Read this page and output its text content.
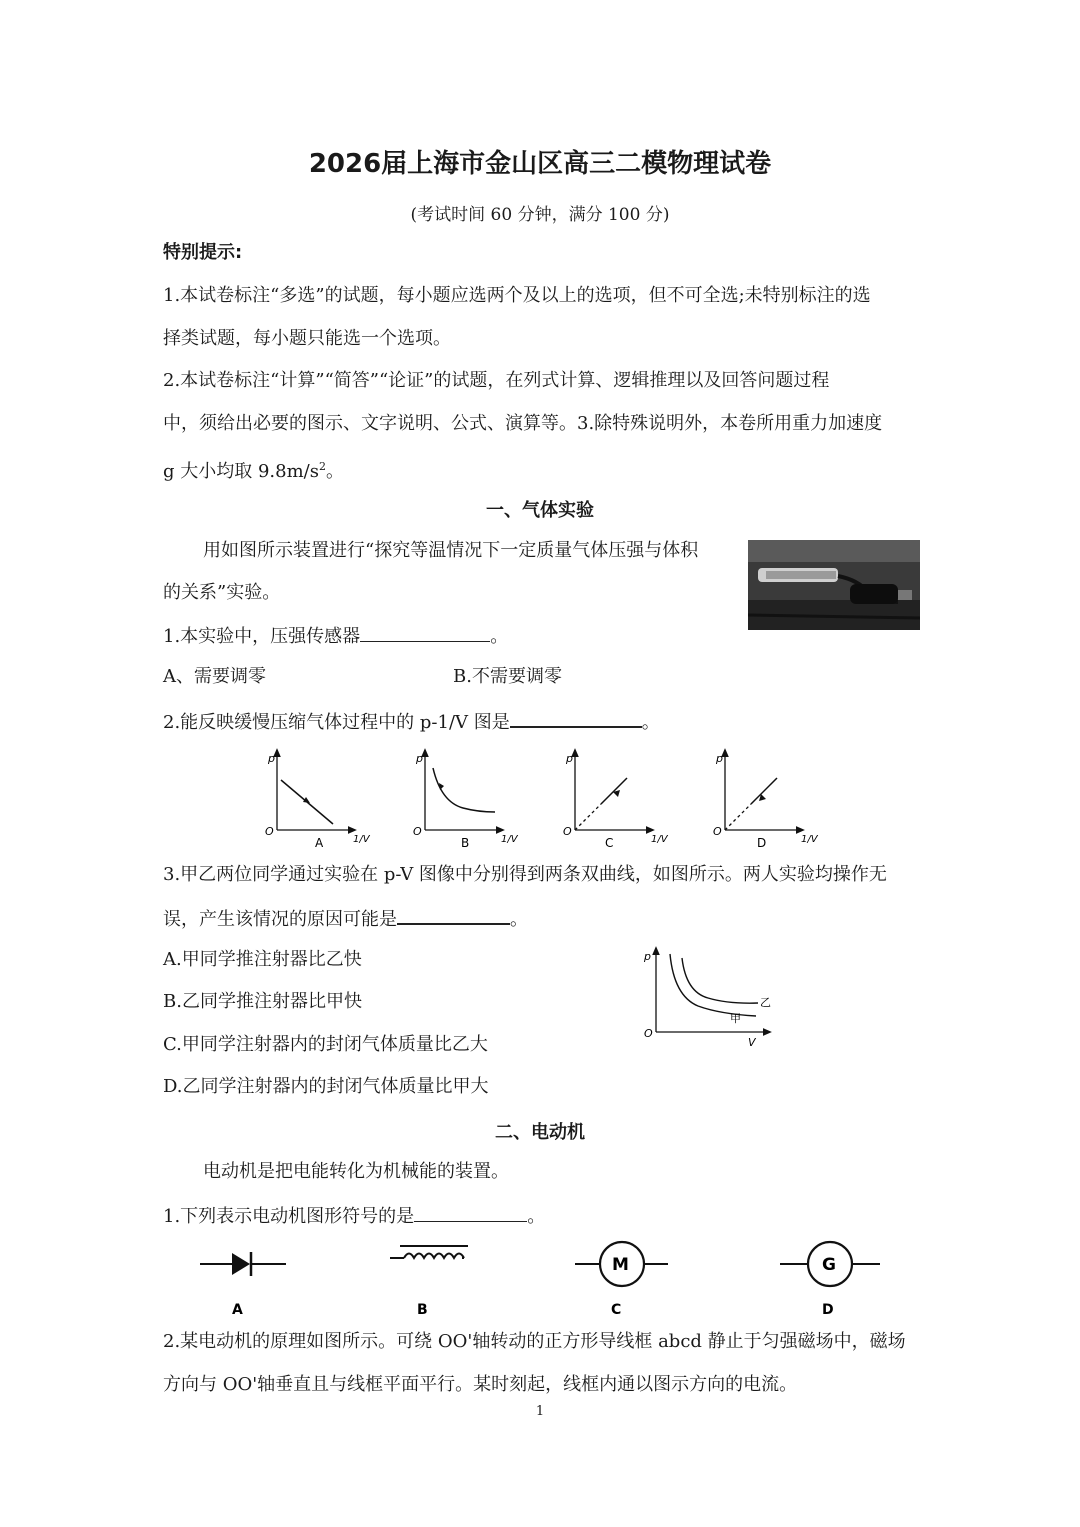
2026届上海市金山区高三二模物理试卷
(考试时间 60 分钟，满分 100 分)
特别提示:
1.本试卷标注“多选”的试题，每小题应选两个及以上的选项，但不可全选;未特别标注的选
择类试题，每小题只能选一个选项。
2.本试卷标注“计算”“简答”“论证”的试题，在列式计算、逻辑推理以及回答问题过程
中，须给出必要的图示、文字说明、公式、演算等。3.除特殊说明外，本卷所用重力加速度
g 大小均取 $9.8m/s^2$。
一、气体实验
用如图所示装置进行“探究等温情况下一定质量气体压强与体积
的关系”实验。
1.本实验中，压强传感器	。
A、需要调零	B.不需要调零
2.能反映缓慢压缩气体过程中的 p-1/V 图是	。
p
O
1/V
A
p
O
1/V
B
p
O
1/V
C
p
O
1/V
D
3.甲乙两位同学通过实验在 p-V 图像中分别得到两条双曲线，如图所示。两人实验均操作无
误，产生该情况的原因可能是	。
A.甲同学推注射器比乙快
B.乙同学推注射器比甲快
C.甲同学注射器内的封闭气体质量比乙大
D.乙同学注射器内的封闭气体质量比甲大
p
O
V
乙
甲
二、电动机
电动机是把电能转化为机械能的装置。
1.下列表示电动机图形符号的是	。
A	B
M
C
G
D
2.某电动机的原理如图所示。可绕 OO'轴转动的正方形导线框 abcd 静止于匀强磁场中，磁场
方向与 OO'轴垂直且与线框平面平行。某时刻起，线框内通以图示方向的电流。
1
